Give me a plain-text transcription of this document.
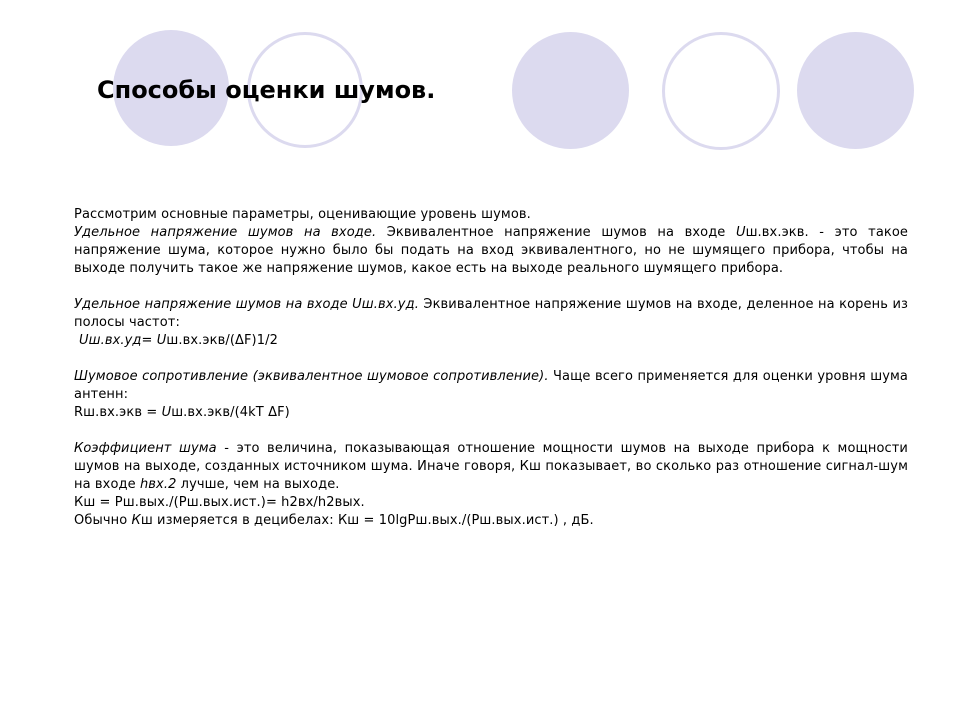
Способы оценки шумов.

Рассмотрим основные параметры, оценивающие уровень шумов.

Удельное напряжение шумов на входе. Эквивалентное напряжение шумов на входе Uш.вх.экв. - это такое напряжение шума, которое нужно было бы подать на вход эквивалентного, но не шумящего прибора, чтобы на выходе получить такое же напряжение шумов, какое есть на выходе реального шумящего прибора.

Удельное напряжение шумов на входе Uш.вх.уд. Эквивалентное напряжение шумов на входе, деленное на корень из полосы частот:

Uш.вх.уд= Uш.вх.экв/(ΔF)1/2

Шумовое сопротивление (эквивалентное шумовое сопротивление). Чаще всего применяется для оценки уровня шума антенн:

Rш.вх.экв = Uш.вх.экв/(4kT ΔF)

Коэффициент шума - это величина, показывающая отношение мощности шумов на выходе прибора к мощности шумов на выходе, созданных источником шума. Иначе говоря, Кш показывает, во сколько раз отношение сигнал-шум на входе hвх.2 лучше, чем на выходе.

Кш = Рш.вых./(Рш.вых.ист.)= h2вх/h2вых.

Обычно Кш измеряется в децибелах: Кш = 10lgРш.вых./(Рш.вых.ист.) , дБ.
